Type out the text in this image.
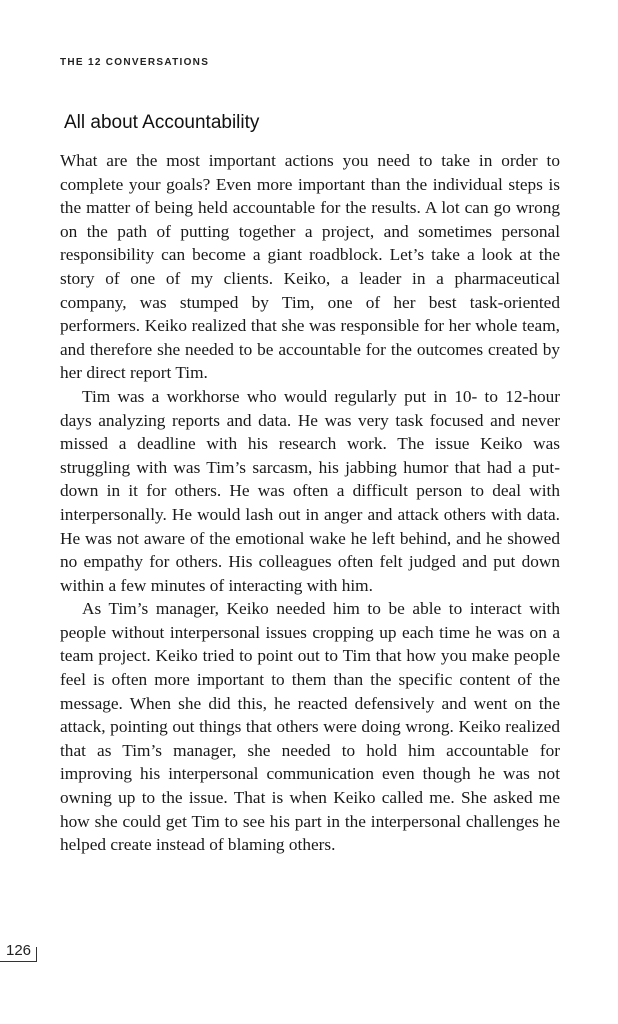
THE 12 CONVERSATIONS
All about Accountability

What are the most important actions you need to take in order to complete your goals? Even more important than the individual steps is the matter of being held accountable for the results. A lot can go wrong on the path of putting together a project, and sometimes personal responsibility can become a giant roadblock. Let’s take a look at the story of one of my clients. Keiko, a leader in a pharmaceutical company, was stumped by Tim, one of her best task-oriented performers. Keiko realized that she was responsible for her whole team, and therefore she needed to be accountable for the outcomes created by her direct report Tim.

Tim was a workhorse who would regularly put in 10- to 12-hour days analyzing reports and data. He was very task focused and never missed a deadline with his research work. The issue Keiko was struggling with was Tim’s sarcasm, his jabbing humor that had a put-down in it for others. He was often a difficult person to deal with interpersonally. He would lash out in anger and attack others with data. He was not aware of the emotional wake he left behind, and he showed no empathy for others. His colleagues often felt judged and put down within a few minutes of interacting with him.

As Tim’s manager, Keiko needed him to be able to interact with people without interpersonal issues cropping up each time he was on a team project. Keiko tried to point out to Tim that how you make people feel is often more important to them than the specific content of the message. When she did this, he reacted defensively and went on the attack, pointing out things that others were doing wrong. Keiko realized that as Tim’s manager, she needed to hold him accountable for improving his interpersonal communication even though he was not owning up to the issue. That is when Keiko called me. She asked me how she could get Tim to see his part in the interpersonal challenges he helped create instead of blaming others.

126
